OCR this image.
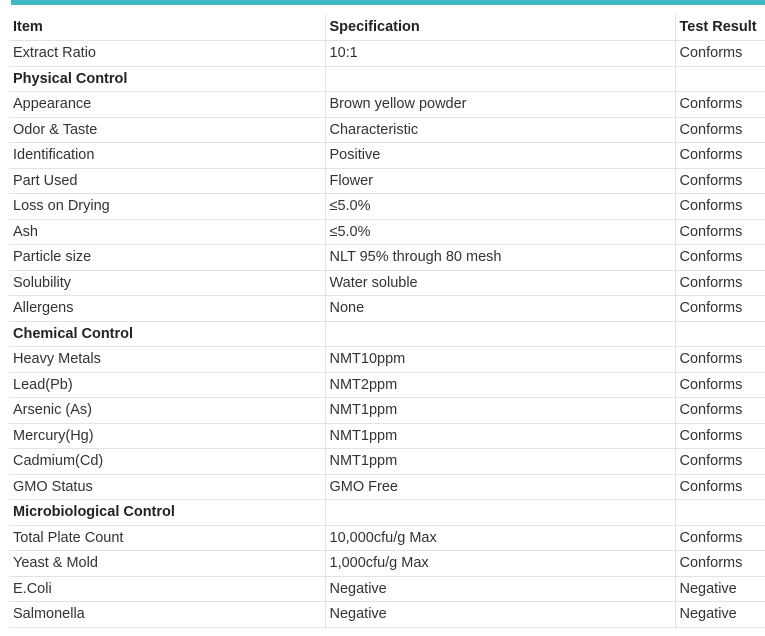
Item	Specification	Test Result
Extract Ratio	10:1	Conforms
Physical Control		
Appearance	Brown yellow powder	Conforms
Odor & Taste	Characteristic	Conforms
Identification	Positive	Conforms
Part Used	Flower	Conforms
Loss on Drying	≤5.0%	Conforms
Ash	≤5.0%	Conforms
Particle size	NLT 95% through 80 mesh	Conforms
Solubility	Water soluble	Conforms
Allergens	None	Conforms
Chemical Control		
Heavy Metals	NMT10ppm	Conforms
Lead(Pb)	NMT2ppm	Conforms
Arsenic (As)	NMT1ppm	Conforms
Mercury(Hg)	NMT1ppm	Conforms
Cadmium(Cd)	NMT1ppm	Conforms
GMO Status	GMO Free	Conforms
Microbiological Control		
Total Plate Count	10,000cfu/g Max	Conforms
Yeast & Mold	1,000cfu/g Max	Conforms
E.Coli	Negative	Negative
Salmonella	Negative	Negative
